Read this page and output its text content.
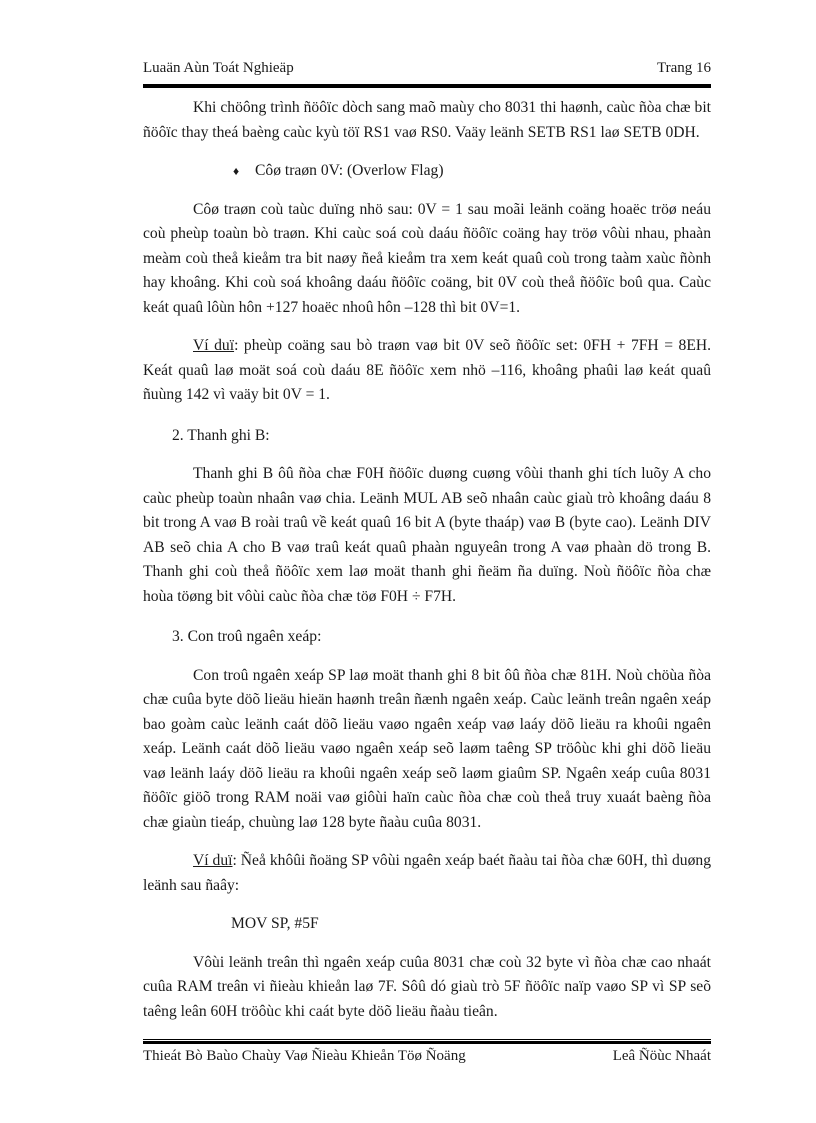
Luaän Aùn Toát Nghieäp	Trang 16

Khi chöông trình ñöôïc dòch sang maõ maùy cho 8031 thi haønh, caùc ñòa chæ bit ñöôïc thay theá baèng caùc kyù töï RS1 vaø RS0. Vaäy leänh SETB RS1 laø SETB 0DH.

♦ Côø traøn 0V: (Overlow Flag)

Côø traøn coù taùc duïng nhö sau: 0V = 1 sau moãi leänh coäng hoaëc tröø neáu coù pheùp toaùn bò traøn. Khi caùc soá coù daáu ñöôïc coäng hay tröø vôùi nhau, phaàn meàm coù theå kieåm tra bit naøy ñeå kieåm tra xem keát quaû coù trong taàm xaùc ñònh hay khoâng. Khi coù soá khoâng daáu ñöôïc coäng, bit 0V coù theå ñöôïc boû qua. Caùc keát quaû lôùn hôn +127 hoaëc nhoû hôn –128 thì bit 0V=1.

Ví duï: pheùp coäng sau bò traøn vaø bit 0V seõ ñöôïc set: 0FH + 7FH = 8EH. Keát quaû laø moät soá coù daáu 8E ñöôïc xem nhö –116, khoâng phaûi laø keát quaû ñuùng 142 vì vaäy bit 0V = 1.

2. Thanh ghi B:

Thanh ghi B ôû ñòa chæ F0H ñöôïc duøng cuøng vôùi thanh ghi tích luõy A cho caùc pheùp toaùn nhaân vaø chia. Leänh MUL AB seõ nhaân caùc giaù trò khoâng daáu 8 bit trong A vaø B roài traû về keát quaû 16 bit A (byte thaáp) vaø B (byte cao). Leänh DIV AB seõ chia A cho B vaø traû keát quaû phaàn nguyeân trong A vaø phaàn dö trong B. Thanh ghi coù theå ñöôïc xem laø moät thanh ghi ñeäm ña duïng. Noù ñöôïc ñòa chæ hoùa töøng bit vôùi caùc ñòa chæ töø F0H ÷ F7H.

3. Con troû ngaên xeáp:

Con troû ngaên xeáp SP laø moät thanh ghi 8 bit ôû ñòa chæ 81H. Noù chöùa ñòa chæ cuûa byte döõ lieäu hieän haønh treân ñænh ngaên xeáp. Caùc leänh treân ngaên xeáp bao goàm caùc leänh caát döõ lieäu vaøo ngaên xeáp vaø laáy döõ lieäu ra khoûi ngaên xeáp. Leänh caát döõ lieäu vaøo ngaên xeáp seõ laøm taêng SP tröôùc khi ghi döõ lieäu vaø leänh laáy döõ lieäu ra khoûi ngaên xeáp seõ laøm giaûm SP. Ngaên xeáp cuûa 8031 ñöôïc giöõ trong RAM noäi vaø giôùi haïn caùc ñòa chæ coù theå truy xuaát baèng ñòa chæ giaùn tieáp, chuùng laø 128 byte ñaàu cuûa 8031.

Ví duï: Ñeå khôûi ñoäng SP vôùi ngaên xeáp baét ñaàu tai ñòa chæ 60H, thì duøng leänh sau ñaây:

MOV SP, #5F

Vôùi leänh treân thì ngaên xeáp cuûa 8031 chæ coù 32 byte vì ñòa chæ cao nhaát cuûa RAM treân vi ñieàu khieån laø 7F. Sôû dó giaù trò 5F ñöôïc naïp vaøo SP vì SP seõ taêng leân 60H tröôùc khi caát byte döõ lieäu ñaàu tieân.

Thieát Bò Baùo Chaùy Vaø Ñieàu Khieån Töø Ñoäng	Leâ Ñöùc Nhaát
